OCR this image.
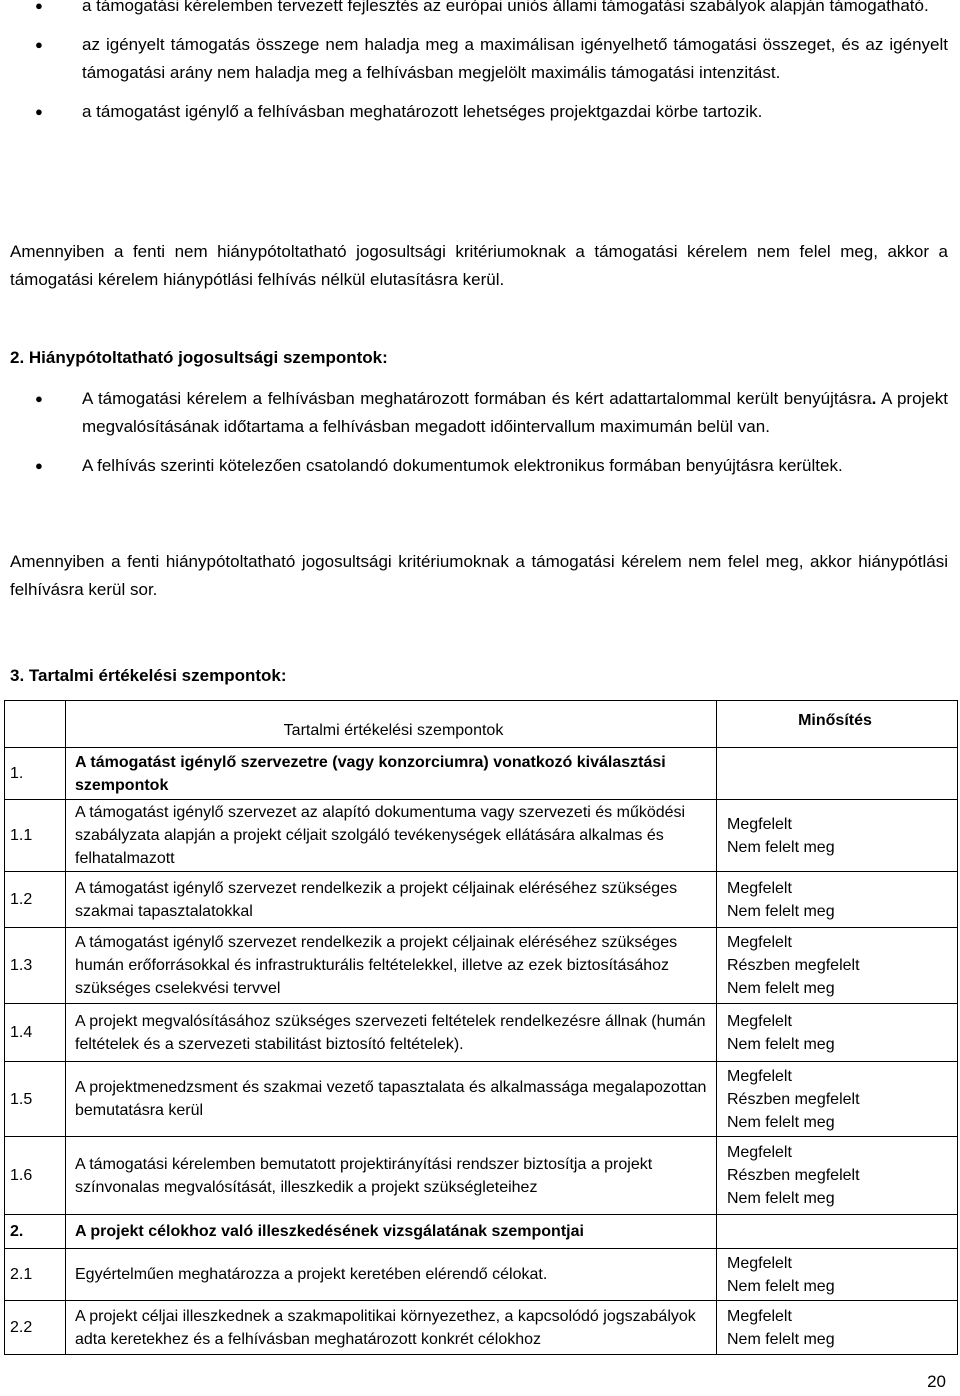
● a támogatási kérelemben tervezett fejlesztés az európai uniós állami támogatási szabályok alapján támogatható.
● az igényelt támogatás összege nem haladja meg a maximálisan igényelhető támogatási összeget, és az igényelt támogatási arány nem haladja meg a felhívásban megjelölt maximális támogatási intenzitást.
● a támogatást igénylő a felhívásban meghatározott lehetséges projektgazdai körbe tartozik.

Amennyiben a fenti nem hiánypótoltatható jogosultsági kritériumoknak a támogatási kérelem nem felel meg, akkor a támogatási kérelem hiánypótlási felhívás nélkül elutasításra kerül.

2. Hiánypótoltatható jogosultsági szempontok:

● A támogatási kérelem a felhívásban meghatározott formában és kért adattartalommal került benyújtásra. A projekt megvalósításának időtartama a felhívásban megadott időintervallum maximumán belül van.
● A felhívás szerinti kötelezően csatolandó dokumentumok elektronikus formában benyújtásra kerültek.

Amennyiben a fenti hiánypótoltatható jogosultsági kritériumoknak a támogatási kérelem nem felel meg, akkor hiánypótlási felhívásra kerül sor.

3. Tartalmi értékelési szempontok:

	Tartalmi értékelési szempontok	Minősítés
1.	A támogatást igénylő szervezetre (vagy konzorciumra) vonatkozó kiválasztási szempontok	
1.1	A támogatást igénylő szervezet az alapító dokumentuma vagy szervezeti és működési szabályzata alapján a projekt céljait szolgáló tevékenységek ellátására alkalmas és felhatalmazott	Megfelelt
Nem felelt meg

1.2	A támogatást igénylő szervezet rendelkezik a projekt céljainak eléréséhez szükséges szakmai tapasztalatokkal	Megfelelt
Nem felelt meg

1.3	A támogatást igénylő szervezet rendelkezik a projekt céljainak eléréséhez szükséges humán erőforrásokkal és infrastrukturális feltételekkel, illetve az ezek biztosításához szükséges cselekvési tervvel	Megfelelt
Részben megfelelt
Nem felelt meg

1.4	A projekt megvalósításához szükséges szervezeti feltételek rendelkezésre állnak (humán feltételek és a szervezeti stabilitást biztosító feltételek).	Megfelelt
Nem felelt meg

1.5	A projektmenedzsment és szakmai vezető tapasztalata és alkalmassága megalapozottan bemutatásra kerül	Megfelelt
Részben megfelelt
Nem felelt meg

1.6	A támogatási kérelemben bemutatott projektirányítási rendszer biztosítja a projekt színvonalas megvalósítását, illeszkedik a projekt szükségleteihez	Megfelelt
Részben megfelelt
Nem felelt meg

2.	A projekt célokhoz való illeszkedésének vizsgálatának szempontjai	
2.1	Egyértelműen meghatározza a projekt keretében elérendő célokat.	Megfelelt
Nem felelt meg

2.2	A projekt céljai illeszkednek a szakmapolitikai környezethez, a kapcsolódó jogszabályok adta keretekhez és a felhívásban meghatározott konkrét célokhoz	Megfelelt
Nem felelt meg
20
